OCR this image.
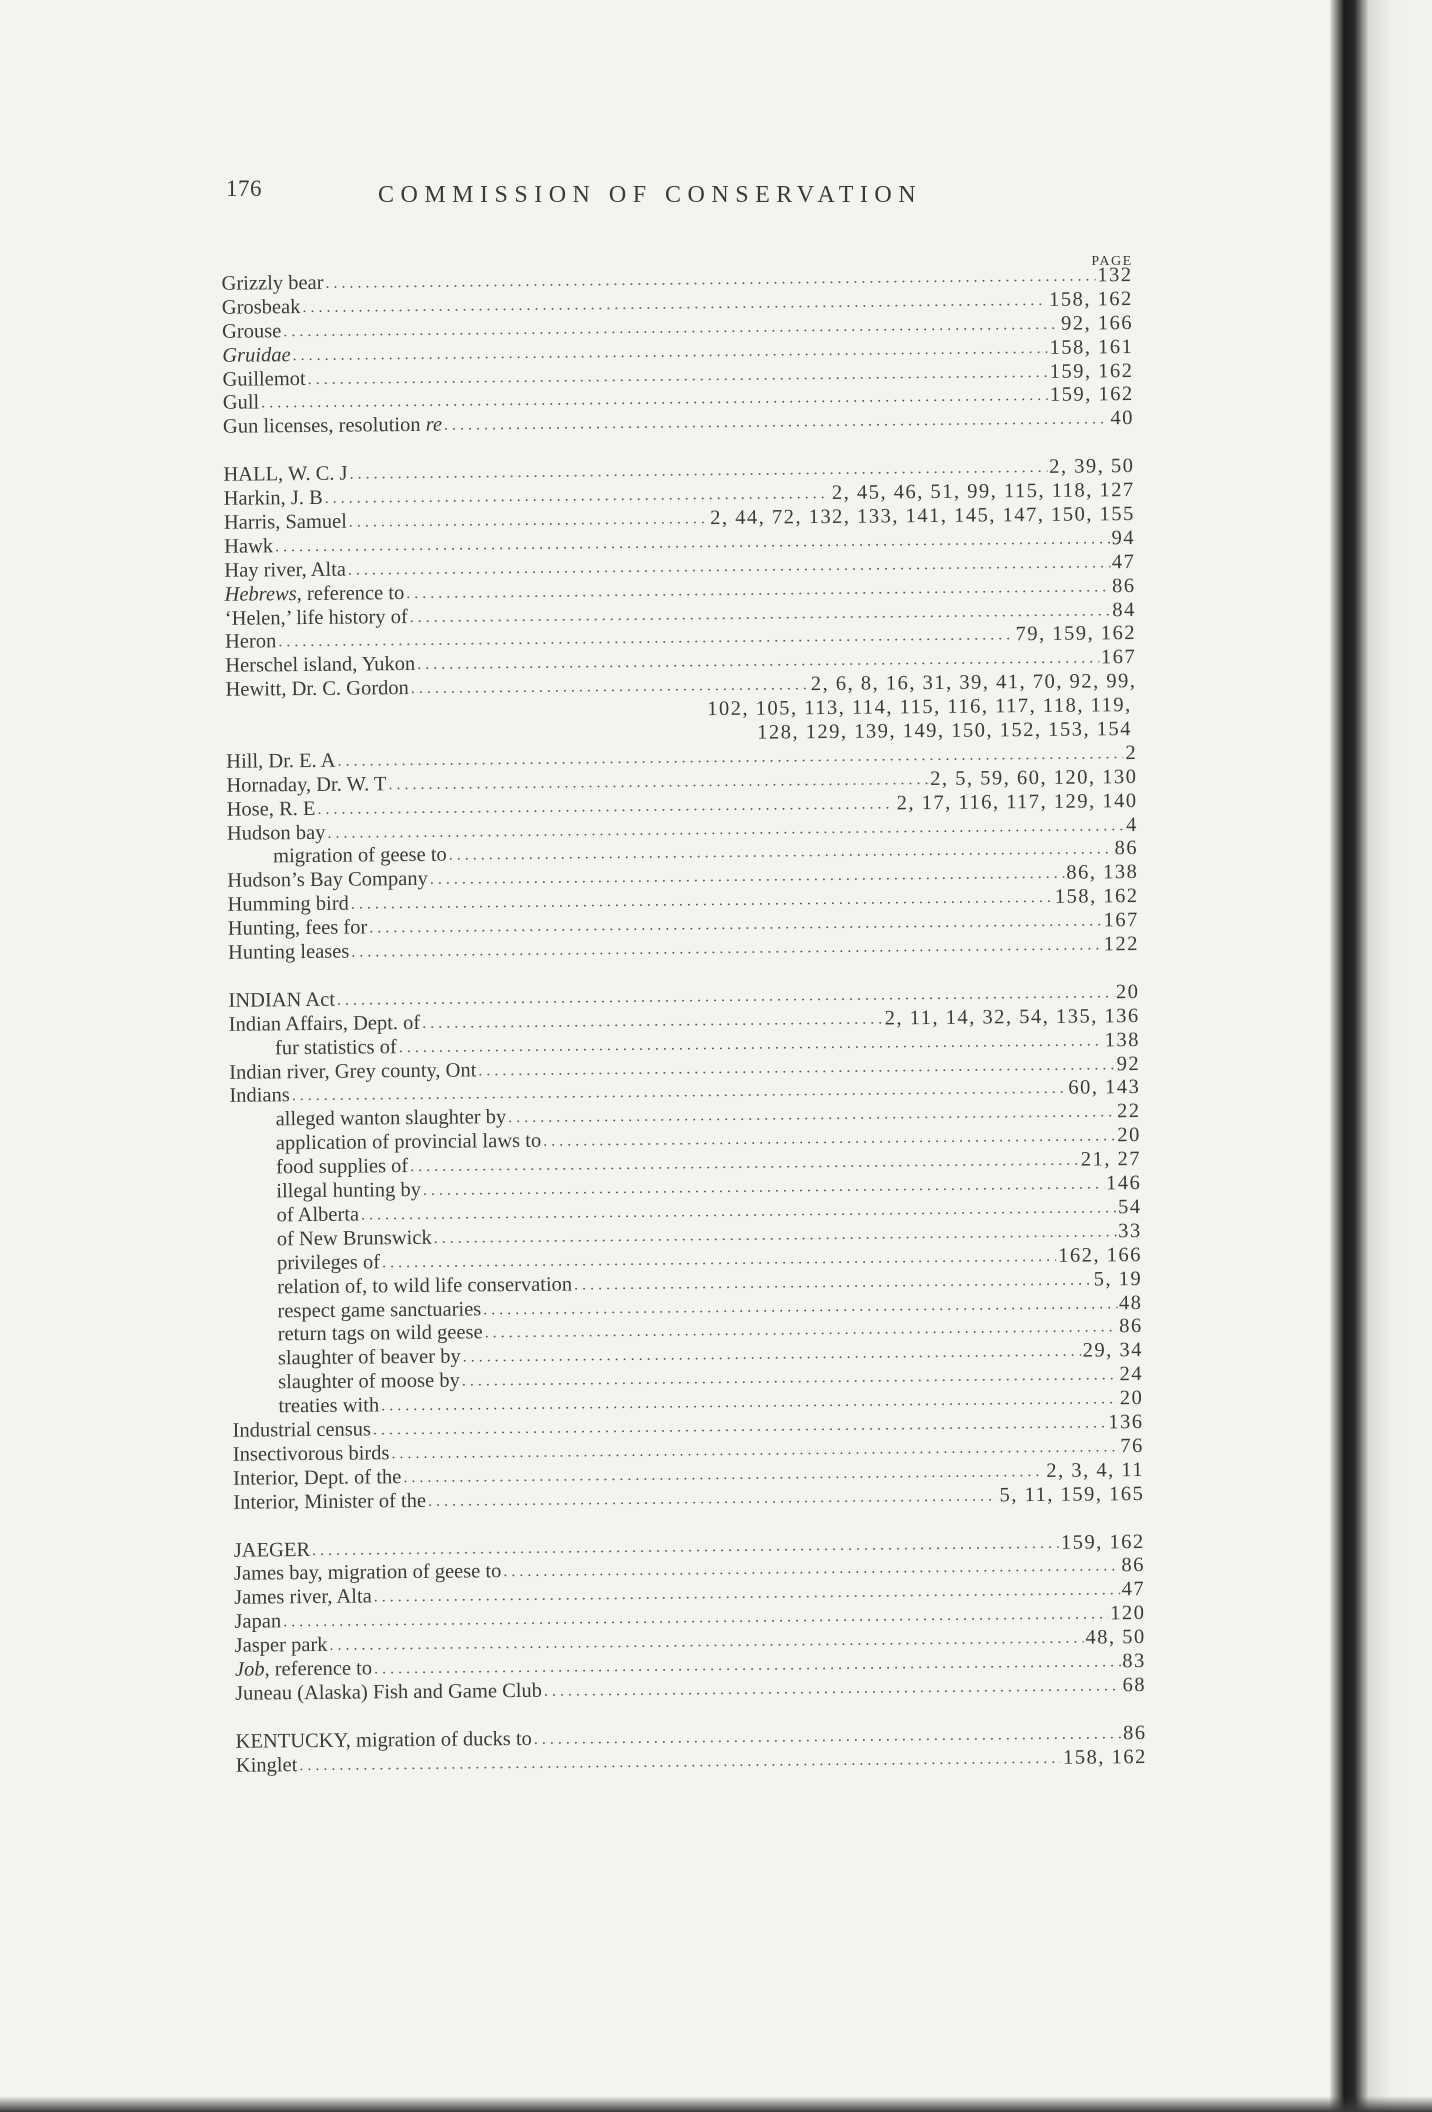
176	COMMISSION OF CONSERVATION
PAGE
Grizzly bear .....	132
Grosbeak .....	158, 162
Grouse .....	92, 166
Gruidae .....	158, 161
Guillemot .....	159, 162
Gull .....	159, 162
Gun licenses, resolution re .....	40
HALL, W. C. J .....	2, 39, 50
Harkin, J. B .....	2, 45, 46, 51, 99, 115, 118, 127
Harris, Samuel .....	2, 44, 72, 132, 133, 141, 145, 147, 150, 155
Hawk .....	94
Hay river, Alta .....	47
Hebrews, reference to .....	86
‘Helen,’ life history of .....	84
Heron .....	79, 159, 162
Herschel island, Yukon .....	167
Hewitt, Dr. C. Gordon .....	2, 6, 8, 16, 31, 39, 41, 70, 92, 99,
102, 105, 113, 114, 115, 116, 117, 118, 119,
128, 129, 139, 149, 150, 152, 153, 154
Hill, Dr. E. A .....	2
Hornaday, Dr. W. T .....	2, 5, 59, 60, 120, 130
Hose, R. E .....	2, 17, 116, 117, 129, 140
Hudson bay .....	4
migration of geese to .....	86
Hudson’s Bay Company .....	86, 138
Humming bird .....	158, 162
Hunting, fees for .....	167
Hunting leases .....	122
INDIAN Act .....	20
Indian Affairs, Dept. of .....	2, 11, 14, 32, 54, 135, 136
fur statistics of .....	138
Indian river, Grey county, Ont .....	92
Indians .....	60, 143
alleged wanton slaughter by .....	22
application of provincial laws to .....	20
food supplies of .....	21, 27
illegal hunting by .....	146
of Alberta .....	54
of New Brunswick .....	33
privileges of .....	162, 166
relation of, to wild life conservation .....	5, 19
respect game sanctuaries .....	48
return tags on wild geese .....	86
slaughter of beaver by .....	29, 34
slaughter of moose by .....	24
treaties with .....	20
Industrial census .....	136
Insectivorous birds .....	76
Interior, Dept. of the .....	2, 3, 4, 11
Interior, Minister of the .....	5, 11, 159, 165
JAEGER .....	159, 162
James bay, migration of geese to .....	86
James river, Alta .....	47
Japan .....	120
Jasper park .....	48, 50
Job, reference to .....	83
Juneau (Alaska) Fish and Game Club .....	68
KENTUCKY, migration of ducks to .....	86
Kinglet .....	158, 162
